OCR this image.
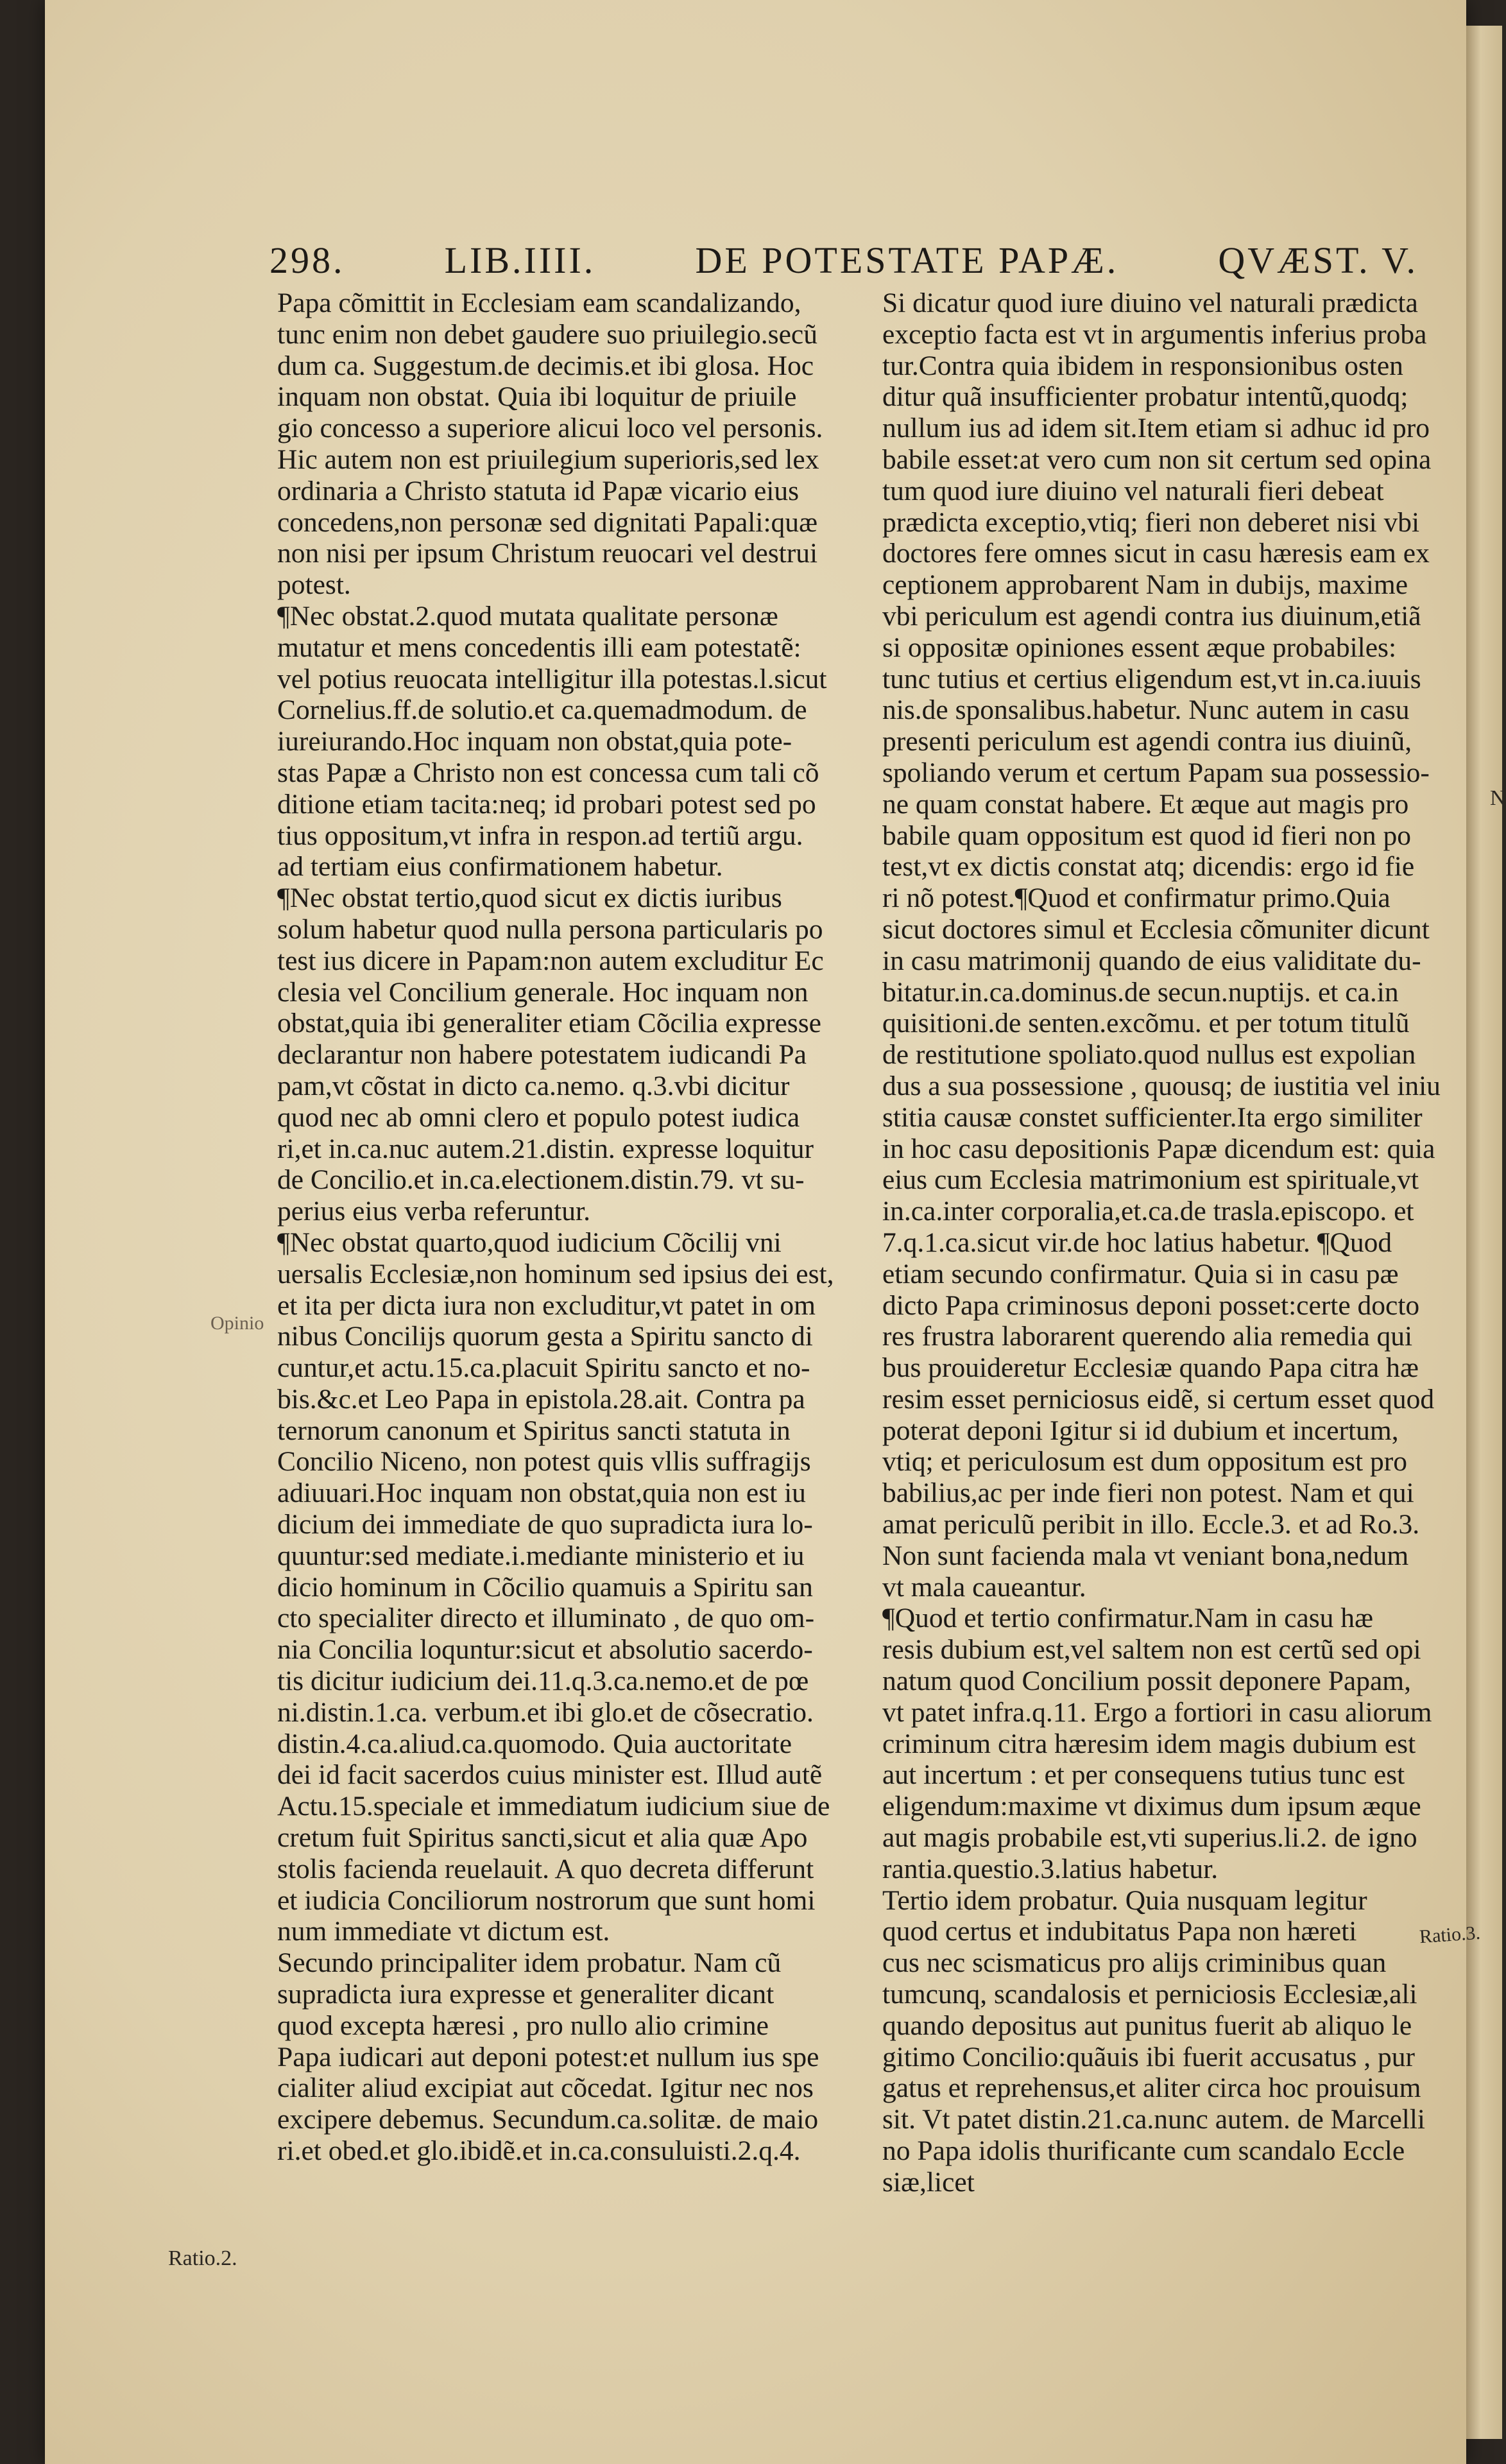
N
298.	LIB.IIII.	DE POTESTATE PAPÆ.	QVÆST. V.
Papa cõmittit in Ecclesiam eam scandalizando,
tunc enim non debet gaudere suo priuilegio.secũ
dum ca. Suggestum.de decimis.et ibi glosa. Hoc
inquam non obstat. Quia ibi loquitur de priuile
gio concesso a superiore alicui loco vel personis.
Hic autem non est priuilegium superioris,sed lex
ordinaria a Christo statuta id Papæ vicario eius
concedens,non personæ sed dignitati Papali:quæ
non nisi per ipsum Christum reuocari vel destrui
potest.
¶Nec obstat.2.quod mutata qualitate personæ
mutatur et mens concedentis illi eam potestatẽ:
vel potius reuocata intelligitur illa potestas.l.sicut
Cornelius.ff.de solutio.et ca.quemadmodum. de
iureiurando.Hoc inquam non obstat,quia pote-
stas Papæ a Christo non est concessa cum tali cõ
ditione etiam tacita:neq; id probari potest sed po
tius oppositum,vt infra in respon.ad tertiũ argu.
ad tertiam eius confirmationem habetur.
¶Nec obstat tertio,quod sicut ex dictis iuribus
solum habetur quod nulla persona particularis po
test ius dicere in Papam:non autem excluditur Ec
clesia vel Concilium generale. Hoc inquam non
obstat,quia ibi generaliter etiam Cõcilia expresse
declarantur non habere potestatem iudicandi Pa
pam,vt cõstat in dicto ca.nemo. q.3.vbi dicitur
quod nec ab omni clero et populo potest iudica
ri,et in.ca.nuc autem.21.distin. expresse loquitur
de Concilio.et in.ca.electionem.distin.79. vt su-
perius eius verba referuntur.
¶Nec obstat quarto,quod iudicium Cõcilij vni
uersalis Ecclesiæ,non hominum sed ipsius dei est,
et ita per dicta iura non excluditur,vt patet in om
nibus Concilijs quorum gesta a Spiritu sancto di
cuntur,et actu.15.ca.placuit Spiritu sancto et no-
bis.&c.et Leo Papa in epistola.28.ait. Contra pa
ternorum canonum et Spiritus sancti statuta in
Concilio Niceno, non potest quis vllis suffragijs
adiuuari.Hoc inquam non obstat,quia non est iu
dicium dei immediate de quo supradicta iura lo-
quuntur:sed mediate.i.mediante ministerio et iu
dicio hominum in Cõcilio quamuis a Spiritu san
cto specialiter directo et illuminato , de quo om-
nia Concilia loquntur:sicut et absolutio sacerdo-
tis dicitur iudicium dei.11.q.3.ca.nemo.et de pœ
ni.distin.1.ca. verbum.et ibi glo.et de cõsecratio.
distin.4.ca.aliud.ca.quomodo. Quia auctoritate
dei id facit sacerdos cuius minister est. Illud autẽ
Actu.15.speciale et immediatum iudicium siue de
cretum fuit Spiritus sancti,sicut et alia quæ Apo
stolis facienda reuelauit. A quo decreta differunt
et iudicia Conciliorum nostrorum que sunt homi
num immediate vt dictum est.
Secundo principaliter idem probatur. Nam cũ
supradicta iura expresse et generaliter dicant
quod excepta hæresi , pro nullo alio crimine
Papa iudicari aut deponi potest:et nullum ius spe
cialiter aliud excipiat aut cõcedat. Igitur nec nos
excipere debemus. Secundum.ca.solitæ. de maio
ri.et obed.et glo.ibidẽ.et in.ca.consuluisti.2.q.4.
Si dicatur quod iure diuino vel naturali prædicta
exceptio facta est vt in argumentis inferius proba
tur.Contra quia ibidem in responsionibus osten
ditur quã insufficienter probatur intentũ,quodq;
nullum ius ad idem sit.Item etiam si adhuc id pro
babile esset:at vero cum non sit certum sed opina
tum quod iure diuino vel naturali fieri debeat
prædicta exceptio,vtiq; fieri non deberet nisi vbi
doctores fere omnes sicut in casu hæresis eam ex
ceptionem approbarent Nam in dubijs, maxime
vbi periculum est agendi contra ius diuinum,etiã
si oppositæ opiniones essent æque probabiles:
tunc tutius et certius eligendum est,vt in.ca.iuuis
nis.de sponsalibus.habetur. Nunc autem in casu
presenti periculum est agendi contra ius diuinũ,
spoliando verum et certum Papam sua possessio-
ne quam constat habere. Et æque aut magis pro
babile quam oppositum est quod id fieri non po
test,vt ex dictis constat atq; dicendis: ergo id fie
ri nõ potest.¶Quod et confirmatur primo.Quia
sicut doctores simul et Ecclesia cõmuniter dicunt
in casu matrimonij quando de eius validitate du-
bitatur.in.ca.dominus.de secun.nuptijs. et ca.in
quisitioni.de senten.excõmu. et per totum titulũ
de restitutione spoliato.quod nullus est expolian
dus a sua possessione , quousq; de iustitia vel iniu
stitia causæ constet sufficienter.Ita ergo similiter
in hoc casu depositionis Papæ dicendum est: quia
eius cum Ecclesia matrimonium est spirituale,vt
in.ca.inter corporalia,et.ca.de trasla.episcopo. et
7.q.1.ca.sicut vir.de hoc latius habetur. ¶Quod
etiam secundo confirmatur. Quia si in casu pæ
dicto Papa criminosus deponi posset:certe docto
res frustra laborarent querendo alia remedia qui
bus prouideretur Ecclesiæ quando Papa citra hæ
resim esset perniciosus eidẽ, si certum esset quod
poterat deponi Igitur si id dubium et incertum,
vtiq; et periculosum est dum oppositum est pro
babilius,ac per inde fieri non potest. Nam et qui
amat periculũ peribit in illo. Eccle.3. et ad Ro.3.
Non sunt facienda mala vt veniant bona,nedum
vt mala caueantur.
¶Quod et tertio confirmatur.Nam in casu hæ
resis dubium est,vel saltem non est certũ sed opi
natum quod Concilium possit deponere Papam,
vt patet infra.q.11. Ergo a fortiori in casu aliorum
criminum citra hæresim idem magis dubium est
aut incertum : et per consequens tutius tunc est
eligendum:maxime vt diximus dum ipsum æque
aut magis probabile est,vti superius.li.2. de igno
rantia.questio.3.latius habetur.
Tertio idem probatur. Quia nusquam legitur
quod certus et indubitatus Papa non hæreti
cus nec scismaticus pro alijs criminibus quan
tumcunq, scandalosis et perniciosis Ecclesiæ,ali
quando depositus aut punitus fuerit ab aliquo le
gitimo Concilio:quãuis ibi fuerit accusatus , pur
gatus et reprehensus,et aliter circa hoc prouisum
sit. Vt patet distin.21.ca.nunc autem. de Marcelli
no Papa idolis thurificante cum scandalo Eccle
siæ,licet
Ratio.2.
Ratio.3.
Opinio
